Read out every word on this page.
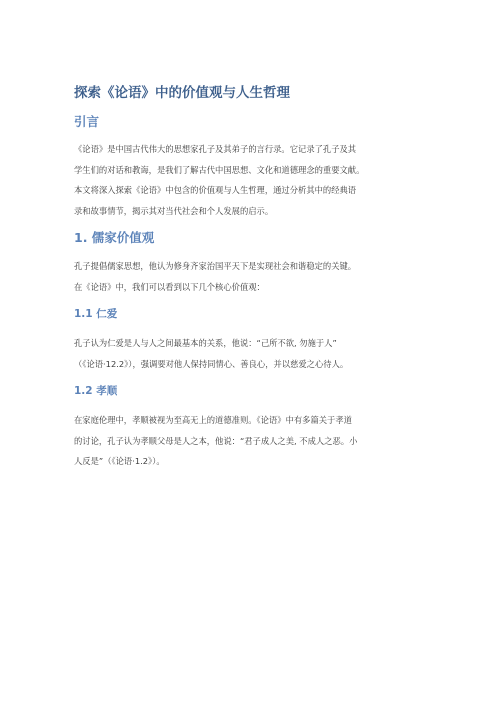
探索《论语》中的价值观与人生哲理
引言
《论语》是中国古代伟大的思想家孔子及其弟子的言行录。它记录了孔子及其
学生们的对话和教诲，是我们了解古代中国思想、文化和道德理念的重要文献。
本文将深入探索《论语》中包含的价值观与人生哲理，通过分析其中的经典语
录和故事情节，揭示其对当代社会和个人发展的启示。
1. 儒家价值观
孔子提倡儒家思想，他认为修身齐家治国平天下是实现社会和谐稳定的关键。
在《论语》中，我们可以看到以下几个核心价值观：
1.1 仁爱
孔子认为仁爱是人与人之间最基本的关系，他说：“己所不欲, 勿施于人”
（《论语·12.2》），强调要对他人保持同情心、善良心，并以慈爱之心待人。
1.2 孝顺
在家庭伦理中，孝顺被视为至高无上的道德准则。《论语》中有多篇关于孝道
的讨论，孔子认为孝顺父母是人之本，他说：“君子成人之美, 不成人之恶。小
人反是”（《论语·1.2》）。
